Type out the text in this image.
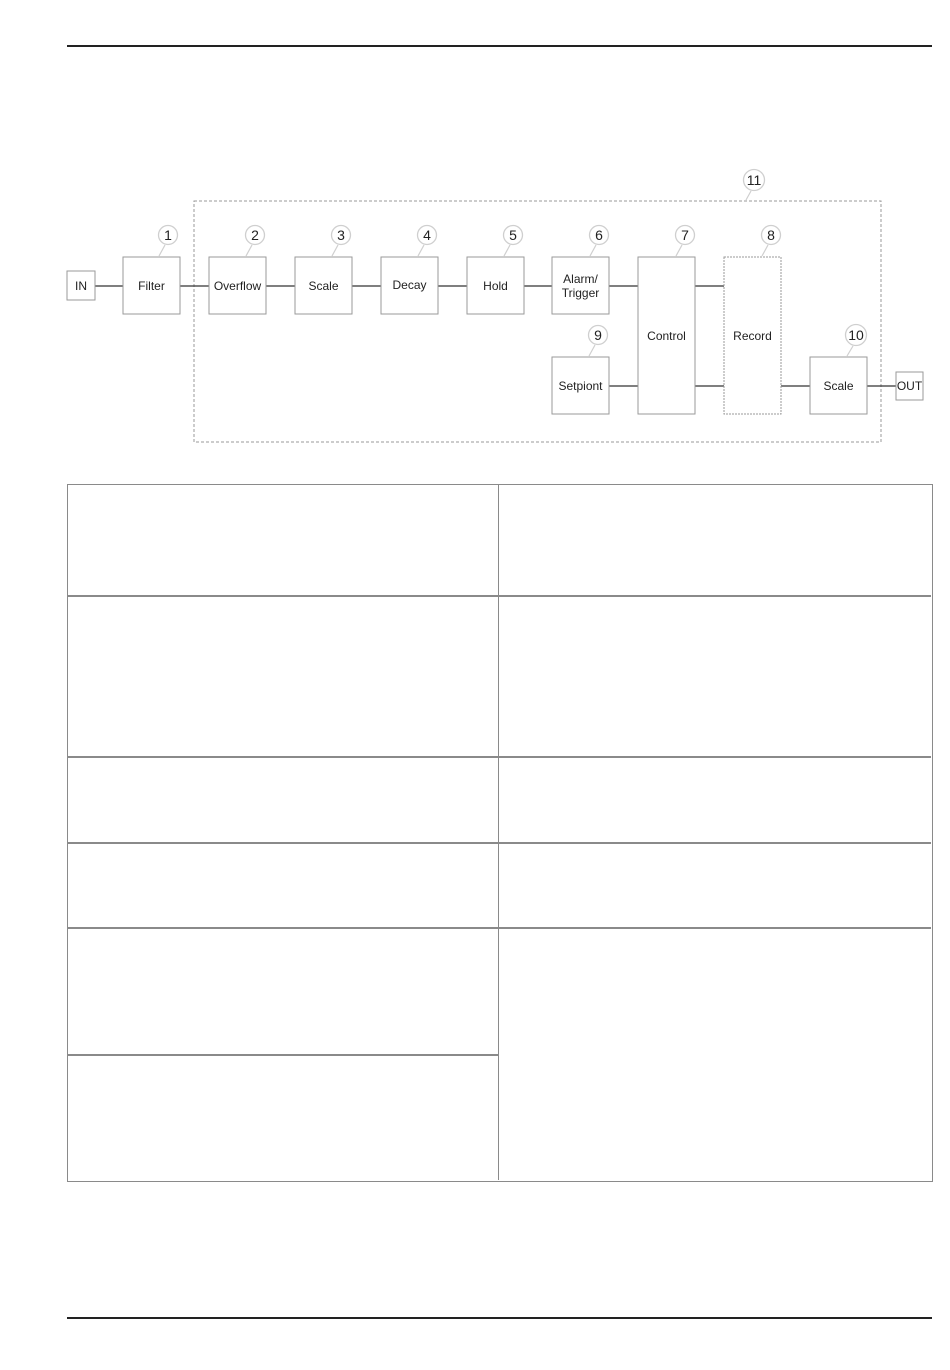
IN	Filter	Overflow	Scale	Decay	Hold	Alarm/
Trigger
Control	Record
Setpiont	Scale	OUT
1	2	3	4	5	6	7	8
9	10
11
